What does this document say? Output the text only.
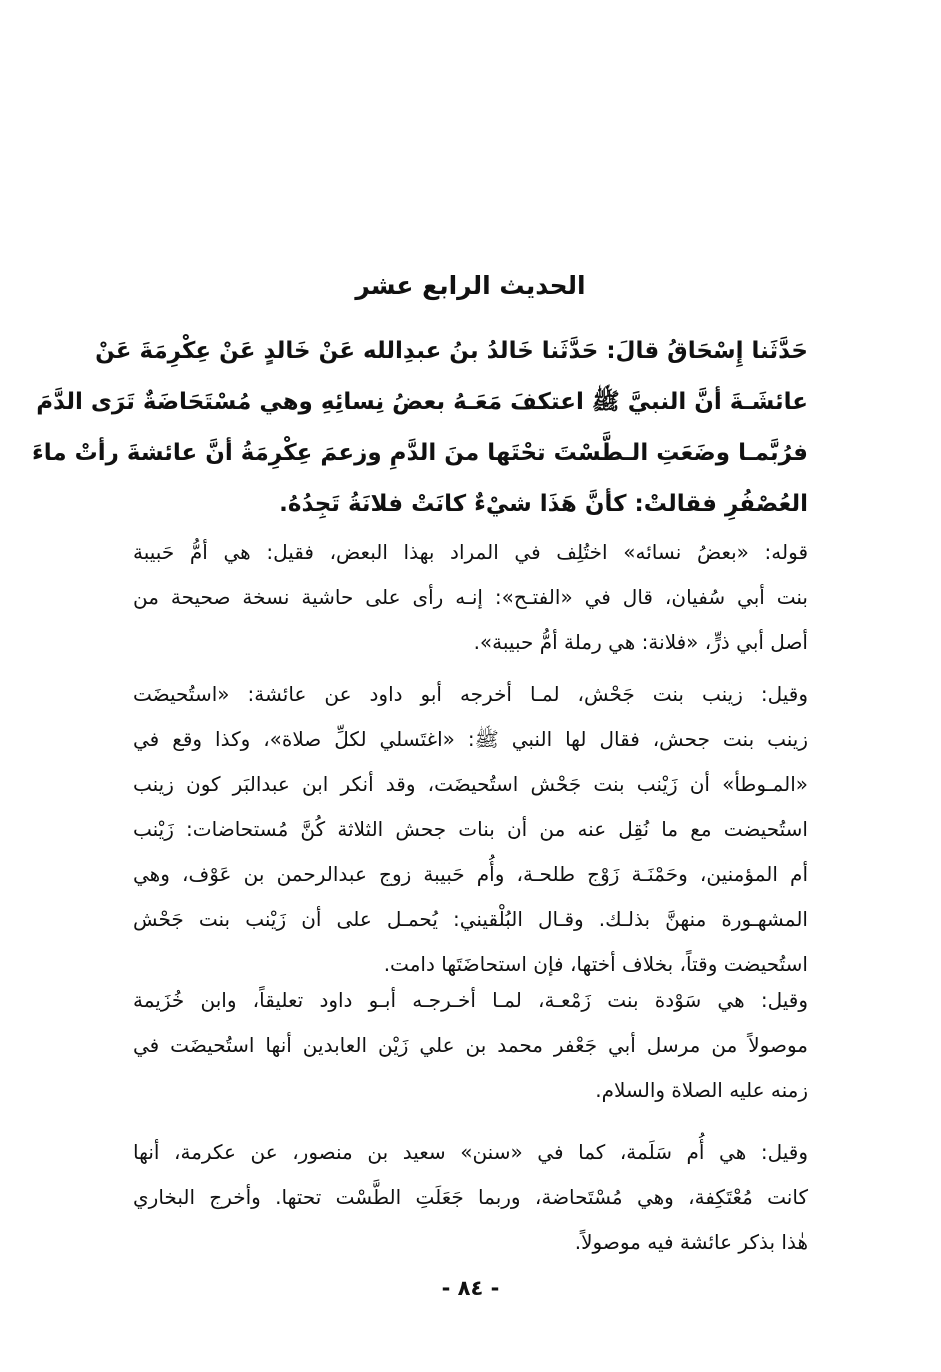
الحديث الرابع عشر
حَدَّثَنا إِسْحَاقُ قالَ: حَدَّثَنا خَالدُ بنُ عبدِالله عَنْ خَالدٍ عَنْ عِكْرِمَةَ عَنْ
عائشَـةَ أنَّ النبيَّ ﷺ اعتكفَ مَعَـهُ بعضُ نِسائِهِ وهي مُسْتَحَاضَةٌ تَرَى الدَّمَ
فرُبَّمـا وضَعَتِ الـطَّسْتَ تحْتَها منَ الدَّمِ وزعمَ عِكْرِمَةُ أنَّ عائشةَ رأتْ ماءَ
العُصْفُرِ فقالتْ: كأنَّ هَذَا شيْءٌ كانَتْ فلانَةُ تَجِدُهُ.
قوله: «بعضُ نسائه» اختُلِف في المراد بهذا البعض، فقيل: هي أمُّ حَبيبة
بنت أبي سُفيان، قال في «الفتـح»: إنـه رأى على حاشية نسخة صحيحة من
أصل أبي ذرٍّ، «فلانة: هي رملة أمُّ حبيبة».
وقيل: زينب بنت جَحْش، لمـا أخرجه أبو داود عن عائشة: «استُحيضَت
زينب بنت جحش، فقال لها النبي ﷺ: «اغتَسلي لكلِّ صلاة»، وكذا وقع في
«المـوطأ» أن زَيْنب بنت جَحْش استُحيضَت، وقد أنكر ابن عبدالبَر كون زينب
استُحيضت مع ما نُقِل عنه من أن بنات جحش الثلاثة كُنَّ مُستحاضات: زَيْنب
أم المؤمنين، وحَمْنَـة زَوْج طلحـة، وأُم حَبيبة زوج عبدالرحمن بن عَوْف، وهي
المشهـورة منهنَّ بذلـك. وقـال البُلْقيني: يُحمـل على أن زَيْنب بنت جَحْش
استُحيضت وقتاً، بخلاف أختها، فإن استحاضَتَها دامت.
وقيل: هي سَوْدة بنت زَمْعـة، لمـا أخـرجـه أبـو داود تعليقاً، وابن خُزَيمة
موصولاً من مرسل أبي جَعْفر محمد بن علي زَيْن العابدين أنها استُحيضَت في
زمنه عليه الصلاة والسلام.
وقيل: هي أُم سَلَمة، كما في «سنن» سعيد بن منصور، عن عكرمة، أنها
كانت مُعْتَكِفة، وهي مُسْتَحاضة، وربما جَعَلَتِ الطَّسْت تحتها. وأخرج البخاري
هٰذا بذكر عائشة فيه موصولاً.
- ٨٤ -
